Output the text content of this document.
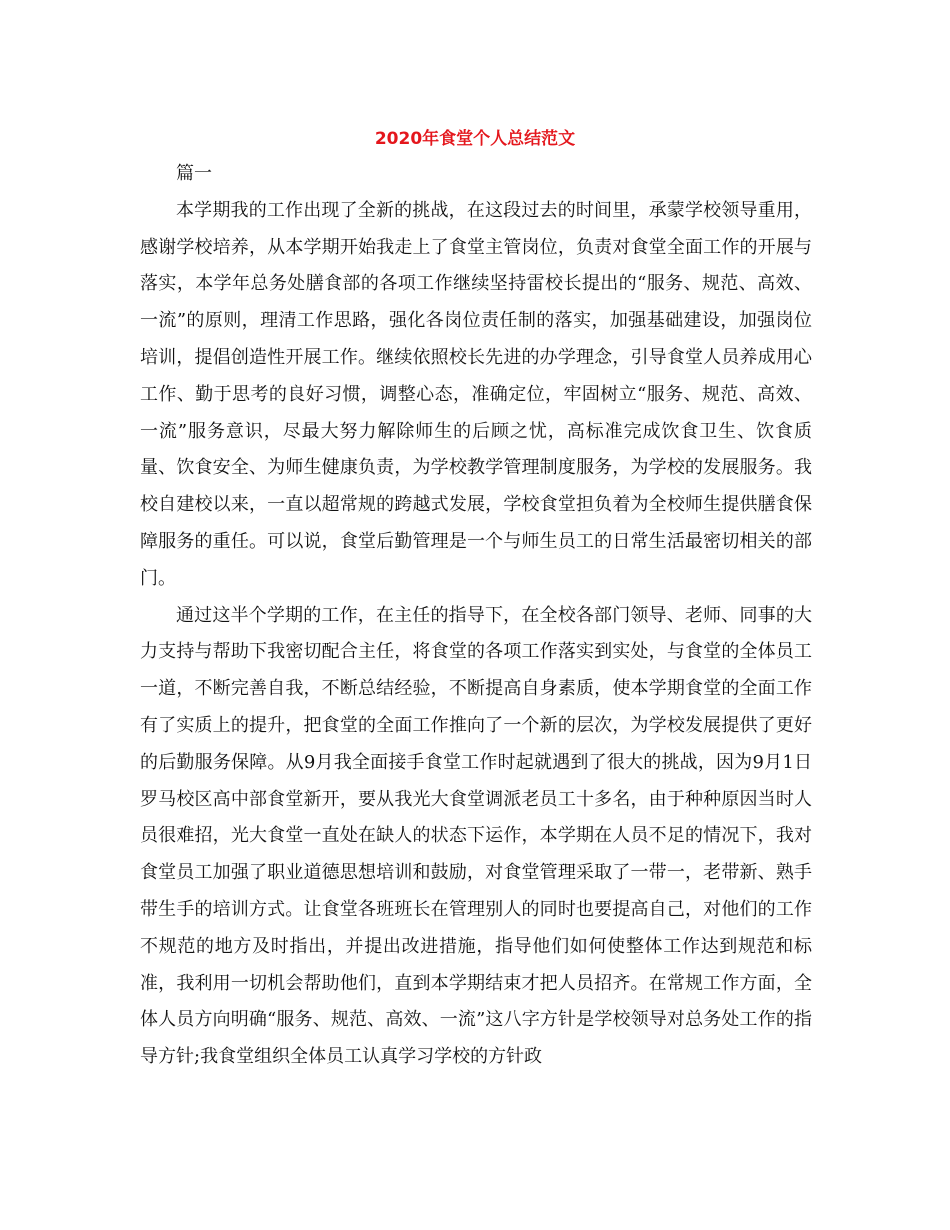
2020年食堂个人总结范文

篇一

本学期我的工作出现了全新的挑战，在这段过去的时间里，承蒙学校领导重用，感谢学校培养，从本学期开始我走上了食堂主管岗位，负责对食堂全面工作的开展与落实，本学年总务处膳食部的各项工作继续坚持雷校长提出的“服务、规范、高效、一流”的原则，理清工作思路，强化各岗位责任制的落实，加强基础建设，加强岗位培训，提倡创造性开展工作。继续依照校长先进的办学理念，引导食堂人员养成用心工作、勤于思考的良好习惯，调整心态，准确定位，牢固树立“服务、规范、高效、一流”服务意识，尽最大努力解除师生的后顾之忧，高标准完成饮食卫生、饮食质量、饮食安全、为师生健康负责，为学校教学管理制度服务，为学校的发展服务。我校自建校以来，一直以超常规的跨越式发展，学校食堂担负着为全校师生提供膳食保障服务的重任。可以说，食堂后勤管理是一个与师生员工的日常生活最密切相关的部门。

通过这半个学期的工作，在主任的指导下，在全校各部门领导、老师、同事的大力支持与帮助下我密切配合主任，将食堂的各项工作落实到实处，与食堂的全体员工一道，不断完善自我，不断总结经验，不断提高自身素质，使本学期食堂的全面工作有了实质上的提升，把食堂的全面工作推向了一个新的层次，为学校发展提供了更好的后勤服务保障。从9月我全面接手食堂工作时起就遇到了很大的挑战，因为9月1日罗马校区高中部食堂新开，要从我光大食堂调派老员工十多名，由于种种原因当时人员很难招，光大食堂一直处在缺人的状态下运作，本学期在人员不足的情况下，我对食堂员工加强了职业道德思想培训和鼓励，对食堂管理采取了一带一，老带新、熟手带生手的培训方式。让食堂各班班长在管理别人的同时也要提高自己，对他们的工作不规范的地方及时指出，并提出改进措施，指导他们如何使整体工作达到规范和标准，我利用一切机会帮助他们，直到本学期结束才把人员招齐。在常规工作方面，全体人员方向明确“服务、规范、高效、一流”这八字方针是学校领导对总务处工作的指导方针;我食堂组织全体员工认真学习学校的方针政
